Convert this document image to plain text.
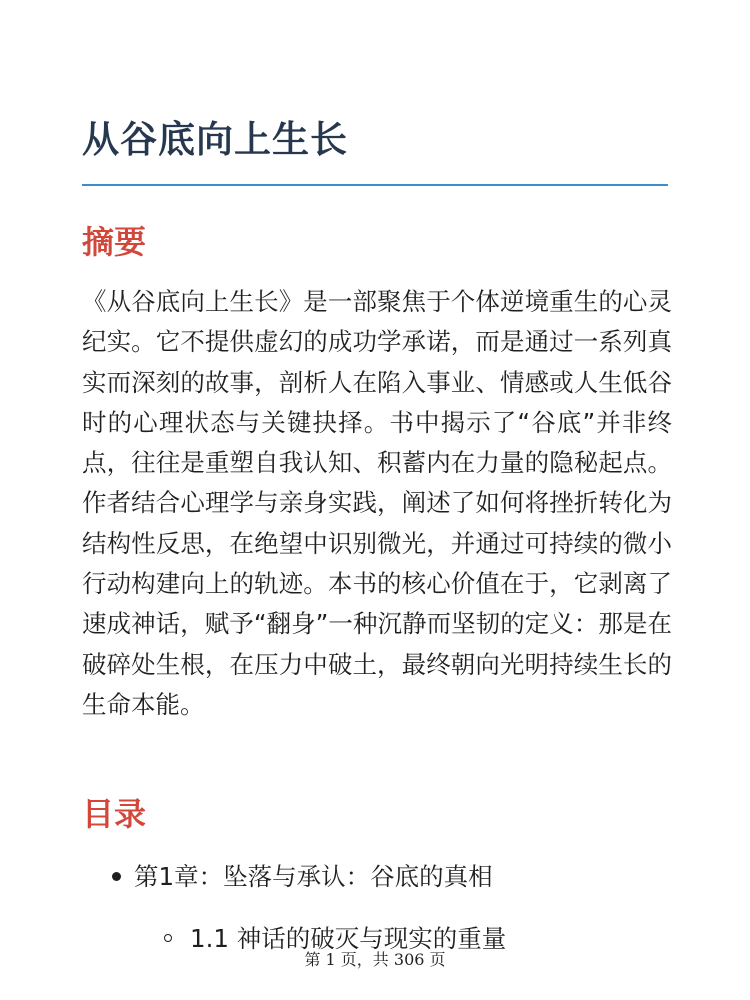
从谷底向上生长
摘要

《从谷底向上生长》是一部聚焦于个体逆境重生的心灵纪实。它不提供虚幻的成功学承诺，而是通过一系列真实而深刻的故事，剖析人在陷入事业、情感或人生低谷时的心理状态与关键抉择。书中揭示了“谷底”并非终点，往往是重塑自我认知、积蓄内在力量的隐秘起点。作者结合心理学与亲身实践，阐述了如何将挫折转化为结构性反思，在绝望中识别微光，并通过可持续的微小行动构建向上的轨迹。本书的核心价值在于，它剥离了速成神话，赋予“翻身”一种沉静而坚韧的定义：那是在破碎处生根，在压力中破土，最终朝向光明持续生长的生命本能。

目录
第1章：坠落与承认：谷底的真相
1.1 神话的破灭与现实的重量
第 1 页，共 306 页
